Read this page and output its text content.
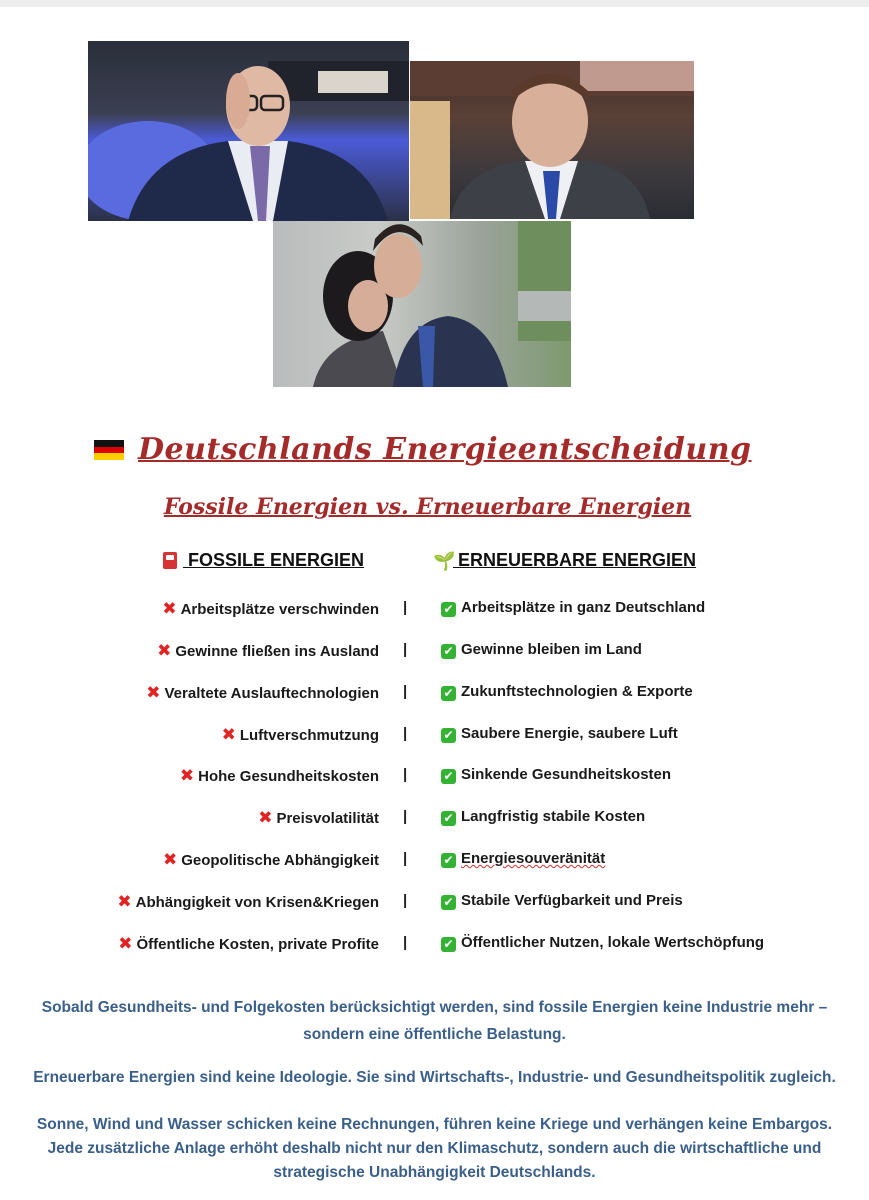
Deutschlands Energieentscheidung
Fossile Energien vs. Erneuerbare Energien
FOSSILE ENERGIEN	🌱 ERNEUERBARE ENERGIEN
✖ Arbeitsplätze verschwinden |	✔ Arbeitsplätze in ganz Deutschland
✖ Gewinne fließen ins Ausland |	✔ Gewinne bleiben im Land
✖ Veraltete Auslauftechnologien |	✔ Zukunftstechnologien & Exporte
✖ Luftverschmutzung |	✔ Saubere Energie, saubere Luft
✖ Hohe Gesundheitskosten |	✔ Sinkende Gesundheitskosten
✖ Preisvolatilität |	✔ Langfristig stabile Kosten
✖ Geopolitische Abhängigkeit |	✔ Energiesouveränität
✖ Abhängigkeit von Krisen&Kriegen |	✔ Stabile Verfügbarkeit und Preis
✖ Öffentliche Kosten, private Profite |	✔ Öffentlicher Nutzen, lokale Wertschöpfung
Sobald Gesundheits- und Folgekosten berücksichtigt werden, sind fossile Energien keine Industrie mehr –
sondern eine öffentliche Belastung.
Erneuerbare Energien sind keine Ideologie. Sie sind Wirtschafts-, Industrie- und Gesundheitspolitik zugleich.
Sonne, Wind und Wasser schicken keine Rechnungen, führen keine Kriege und verhängen keine Embargos.
Jede zusätzliche Anlage erhöht deshalb nicht nur den Klimaschutz, sondern auch die wirtschaftliche und
strategische Unabhängigkeit Deutschlands.
